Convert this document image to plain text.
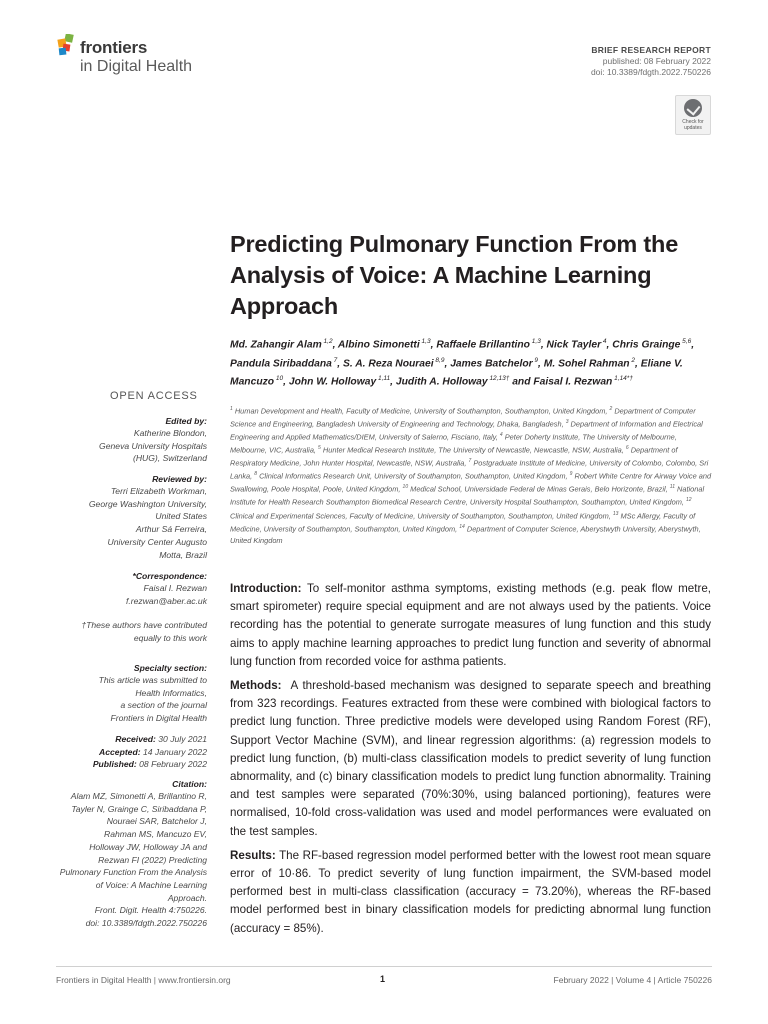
frontiers
in Digital Health
BRIEF RESEARCH REPORT
published: 08 February 2022
doi: 10.3389/fdgth.2022.750226
Check for updates
Predicting Pulmonary Function From the Analysis of Voice: A Machine Learning Approach
Md. Zahangir Alam $^{1,2}$, Albino Simonetti $^{1,3}$, Raffaele Brillantino $^{1,3}$, Nick Tayler $^4$, Chris Grainge $^{5,6}$, Pandula Siribaddana $^7$, S. A. Reza Nouraei $^{8,9}$, James Batchelor $^9$, M. Sohel Rahman $^2$, Eliane V. Mancuzo $^{10}$, John W. Holloway $^{1,11}$, Judith A. Holloway $^{12,13\dagger}$ and Faisal I. Rezwan $^{1,14*\dagger}$
$^1$ Human Development and Health, Faculty of Medicine, University of Southampton, Southampton, United Kingdom, $^2$ Department of Computer Science and Engineering, Bangladesh University of Engineering and Technology, Dhaka, Bangladesh, $^3$ Department of Information and Electrical Engineering and Applied Mathematics/DIEM, University of Salerno, Fisciano, Italy, $^4$ Peter Doherty Institute, The University of Melbourne, Melbourne, VIC, Australia, $^5$ Hunter Medical Research Institute, The University of Newcastle, Newcastle, NSW, Australia, $^6$ Department of Respiratory Medicine, John Hunter Hospital, Newcastle, NSW, Australia, $^7$ Postgraduate Institute of Medicine, University of Colombo, Colombo, Sri Lanka, $^8$ Clinical Informatics Research Unit, University of Southampton, Southampton, United Kingdom, $^9$ Robert White Centre for Airway Voice and Swallowing, Poole Hospital, Poole, United Kingdom, $^{10}$ Medical School, Universidade Federal de Minas Gerais, Belo Horizonte, Brazil, $^{11}$ National Institute for Health Research Southampton Biomedical Research Centre, University Hospital Southampton, Southampton, United Kingdom, $^{12}$ Clinical and Experimental Sciences, Faculty of Medicine, University of Southampton, Southampton, United Kingdom, $^{13}$ MSc Allergy, Faculty of Medicine, University of Southampton, Southampton, United Kingdom, $^{14}$ Department of Computer Science, Aberystwyth University, Aberystwyth, United Kingdom

Introduction: To self-monitor asthma symptoms, existing methods (e.g. peak flow metre, smart spirometer) require special equipment and are not always used by the patients. Voice recording has the potential to generate surrogate measures of lung function and this study aims to apply machine learning approaches to predict lung function and severity of abnormal lung function from recorded voice for asthma patients.

Methods: A threshold-based mechanism was designed to separate speech and breathing from 323 recordings. Features extracted from these were combined with biological factors to predict lung function. Three predictive models were developed using Random Forest (RF), Support Vector Machine (SVM), and linear regression algorithms: (a) regression models to predict lung function, (b) multi-class classification models to predict severity of lung function abnormality, and (c) binary classification models to predict lung function abnormality. Training and test samples were separated (70%:30%, using balanced portioning), features were normalised, 10-fold cross-validation was used and model performances were evaluated on the test samples.

Results: The RF-based regression model performed better with the lowest root mean square error of 10·86. To predict severity of lung function impairment, the SVM-based model performed best in multi-class classification (accuracy = 73.20%), whereas the RF-based model performed best in binary classification models for predicting abnormal lung function (accuracy = 85%).

OPEN ACCESS
Edited by:
Katherine Blondon,
Geneva University Hospitals
(HUG), Switzerland
Reviewed by:
Terri Elizabeth Workman,
George Washington University,
United States
Arthur Sá Ferreira,
University Center Augusto
Motta, Brazil
*Correspondence:
Faisal I. Rezwan
f.rezwan@aber.ac.uk
†These authors have contributed
equally to this work
Specialty section:
This article was submitted to
Health Informatics,
a section of the journal
Frontiers in Digital Health
Received: 30 July 2021
Accepted: 14 January 2022
Published: 08 February 2022
Citation:
Alam MZ, Simonetti A, Brillantino R,
Tayler N, Grainge C, Siribaddana P,
Nouraei SAR, Batchelor J,
Rahman MS, Mancuzo EV,
Holloway JW, Holloway JA and
Rezwan FI (2022) Predicting
Pulmonary Function From the Analysis
of Voice: A Machine Learning
Approach.
Front. Digit. Health 4:750226.
doi: 10.3389/fdgth.2022.750226
Frontiers in Digital Health | www.frontiersin.org	1	February 2022 | Volume 4 | Article 750226
